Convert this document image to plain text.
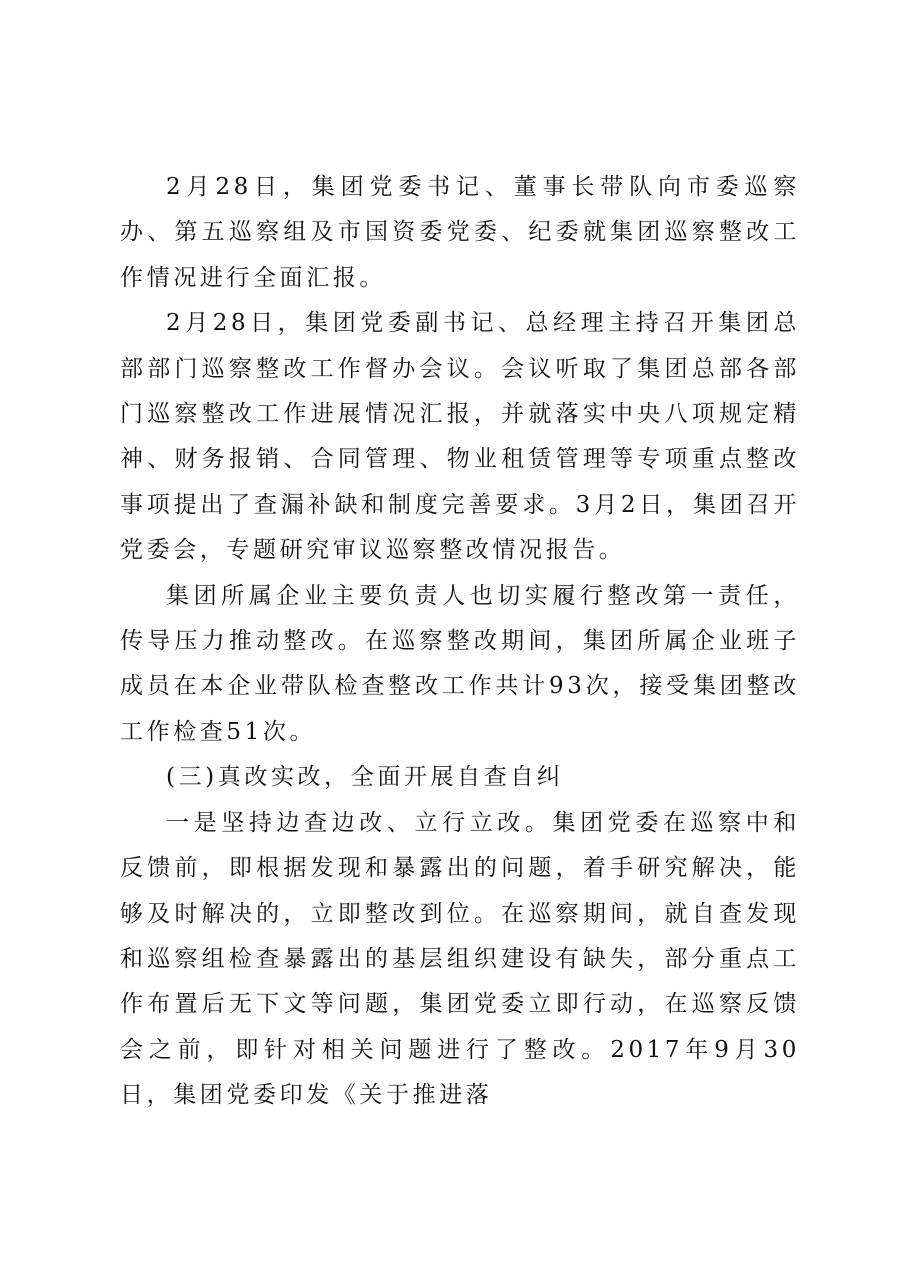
2月28日，集团党委书记、董事长带队向市委巡察办、第五巡察组及市国资委党委、纪委就集团巡察整改工作情况进行全面汇报。

2月28日，集团党委副书记、总经理主持召开集团总部部门巡察整改工作督办会议。会议听取了集团总部各部门巡察整改工作进展情况汇报，并就落实中央八项规定精神、财务报销、合同管理、物业租赁管理等专项重点整改事项提出了查漏补缺和制度完善要求。3月2日，集团召开党委会，专题研究审议巡察整改情况报告。

集团所属企业主要负责人也切实履行整改第一责任，传导压力推动整改。在巡察整改期间，集团所属企业班子成员在本企业带队检查整改工作共计93次，接受集团整改工作检查51次。

(三)真改实改，全面开展自查自纠

一是坚持边查边改、立行立改。集团党委在巡察中和反馈前，即根据发现和暴露出的问题，着手研究解决，能够及时解决的，立即整改到位。在巡察期间，就自查发现和巡察组检查暴露出的基层组织建设有缺失，部分重点工作布置后无下文等问题，集团党委立即行动，在巡察反馈会之前，即针对相关问题进行了整改。2017年9月30日，集团党委印发《关于推进落
